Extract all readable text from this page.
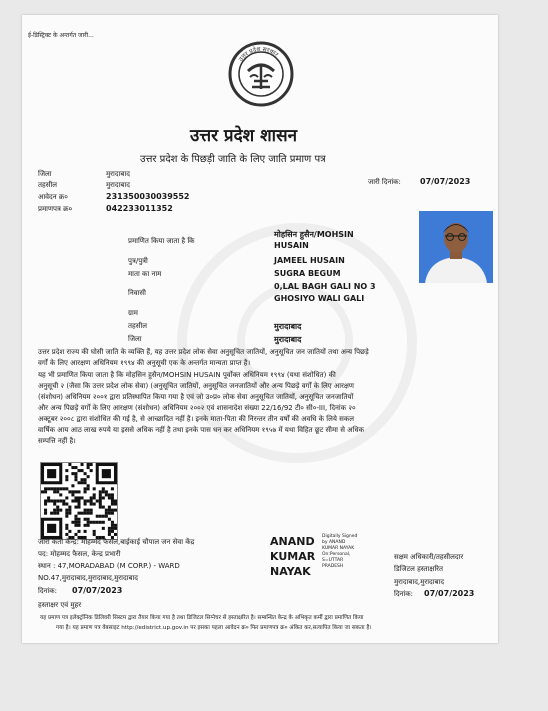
ई-डिस्ट्रिक्ट के अन्तर्गत जारी...
उत्तर प्रदेश सरकार
उत्तर प्रदेश शासन
उत्तर प्रदेश के पिछड़ी जाति के लिए जाति प्रमाण पत्र
जिला	मुरादाबाद
तहसील	मुरादाबाद
आवेदन क्र०	231350030039552
प्रमाणपत्र क्र०	042233011352
जारी दिनांक: 07/07/2023
प्रमाणित किया जाता है कि
मोहसिन हुसैन/MOHSIN
HUSAIN
पुत्र/पुत्री	JAMEEL HUSAIN
माता का नाम	SUGRA BEGUM
निवासी
0,LAL BAGH GALI NO 3
GHOSIYO WALI GALI
ग्राम
तहसील	मुरादाबाद
जिला	मुरादाबाद
उत्तर प्रदेश राज्य की घोसी जाति के व्यक्ति हैं, यह उत्तर प्रदेश लोक सेवा अनुसूचित जातियों, अनुसूचित जन जातियों तथा अन्य पिछड़े
वर्गों के लिए आरक्षण अधिनियम १९९४ की अनुसूची एक के अन्तर्गत मान्यता प्राप्त है।
यह भी प्रमाणित किया जाता है कि मोहसिन हुसैन/MOHSIN HUSAIN पूर्वोक्त अधिनियम १९९४ (यथा संशोधित) की
अनुसूची २ (जैसा कि उत्तर प्रदेश लोक सेवा) (अनुसूचित जातियों, अनुसूचित जनजातियों और अन्य पिछड़े वर्गों के लिए आरक्षण
(संशोधन) अधिनियम २००१ द्वारा प्रतिस्थापित किया गया है एवं जो उ०प्र० लोक सेवा अनुसूचित जातियों, अनुसूचित जनजातियों
और अन्य पिछड़े वर्गों के लिए आरक्षण (संशोधन) अधिनियम २००२ एवं शासनादेश संख्या 22/16/92 टी० सी०-III, दिनांक २०
अक्टूबर २००८ द्वारा संशोधित की गई है, से आच्छादित नहीं है। इनके माता-पिता की निरन्तर तीन वर्षों की अवधि के लिये सकल
वार्षिक आय आठ लाख रुपये या इससे अधिक नहीं है तथा इनके पास धन कर अधिनियम १९५७ में यथा विहित छूट सीमा से अधिक
सम्पत्ति नहीं है।
जारी कर्ता केन्द्र: मोहम्मद फैसल,बाईकाई चौपाल जन सेवा केंद्र
पद: मोहम्मद फैसल, केन्द्र प्रभारी
स्थान : 47,MORADABAD (M CORP.) - WARD
NO.47,मुरादाबाद,मुरादाबाद,मुरादाबाद
दिनांक: 07/07/2023
हस्ताक्षर एवं मुहर
ANAND
KUMAR
NAYAK
Digitally Signed
by ANAND
KUMAR NAYAK
On:Personal,
S=UTTAR
PRADESH
सक्षम अधिकारी/तहसीलदार
डिजिटल हस्ताक्षरित
मुरादाबाद,मुरादाबाद
दिनांक: 07/07/2023
यह प्रमाण पत्र इलेक्ट्रॉनिक डिलिवरी सिस्टम द्वारा तैयार किया गया है तथा डिजिटल सिग्नेचर से हस्ताक्षरित है। सम्बन्धित केन्द्र के अभिकृत कर्मी द्वारा प्रमाणित किया
गया है। यह प्रमाण पत्र वेबसाइट http://edistrict.up.gov.in पर इसका पहला आवेदन क्र० फिर प्रमाणपत्र क्र० अंकित कर,सत्यापित किया जा सकता है।
